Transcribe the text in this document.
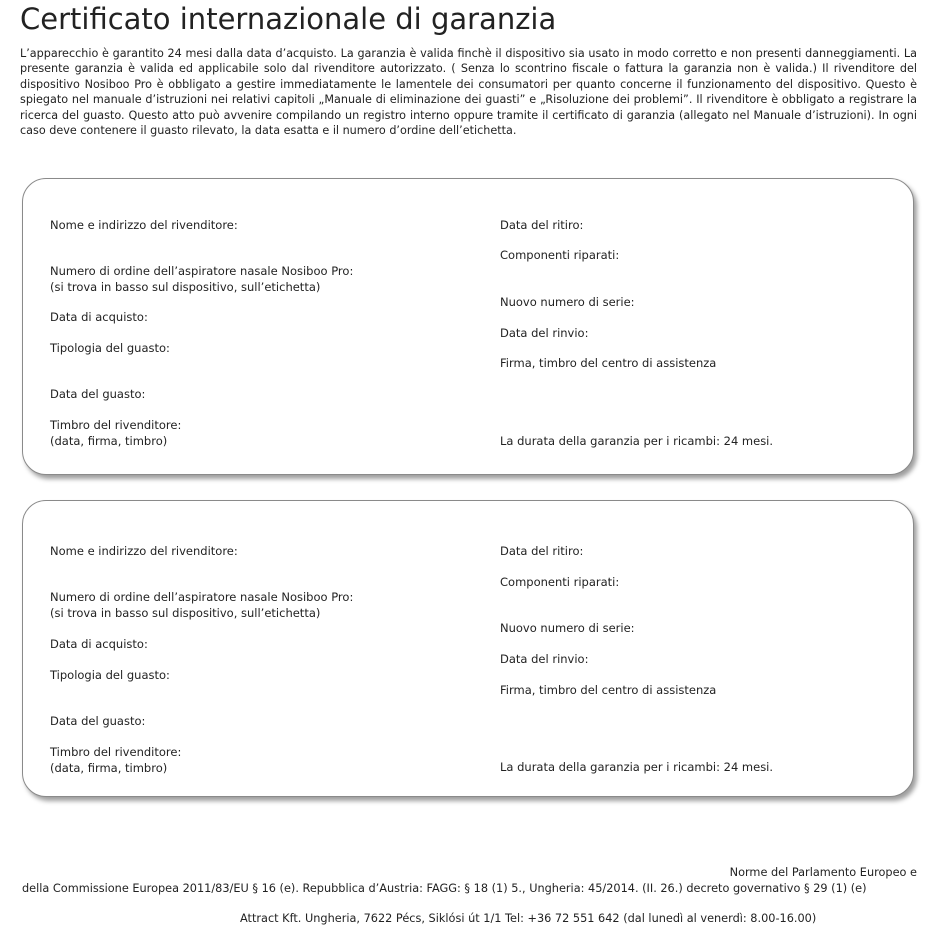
Certificato internazionale di garanzia

L’apparecchio è garantito 24 mesi dalla data d’acquisto. La garanzia è valida finchè il dispositivo sia usato in modo corretto e non presenti danneggiamenti. La presente garanzia è valida ed applicabile solo dal rivenditore autorizzato. ( Senza lo scontrino fiscale o fattura la garanzia non è valida.) Il rivenditore del dispositivo Nosiboo Pro è obbligato a gestire immediatamente le lamentele dei consumatori per quanto concerne il funzionamento del dispositivo. Questo è spiegato nel manuale d’istruzioni nei relativi capitoli „Manuale di eliminazione dei guasti” e „Risoluzione dei problemi”. Il rivenditore è obbligato a registrare la ricerca del guasto. Questo atto può avvenire compilando un registro interno oppure tramite il certificato di garanzia (allegato nel Manuale d’istruzioni). In ogni caso deve contenere il guasto rilevato, la data esatta e il numero d’ordine dell’etichetta.

Nome e indirizzo del rivenditore:

Numero di ordine dell’aspiratore nasale Nosiboo Pro:

(si trova in basso sul dispositivo, sull’etichetta)

Data di acquisto:

Tipologia del guasto:

Data del guasto:

Timbro del rivenditore:

(data, firma, timbro)

Data del ritiro:

Componenti riparati:

Nuovo numero di serie:

Data del rinvio:

Firma, timbro del centro di assistenza

La durata della garanzia per i ricambi: 24 mesi.

Nome e indirizzo del rivenditore:

Numero di ordine dell’aspiratore nasale Nosiboo Pro:

(si trova in basso sul dispositivo, sull’etichetta)

Data di acquisto:

Tipologia del guasto:

Data del guasto:

Timbro del rivenditore:

(data, firma, timbro)

Data del ritiro:

Componenti riparati:

Nuovo numero di serie:

Data del rinvio:

Firma, timbro del centro di assistenza

La durata della garanzia per i ricambi: 24 mesi.

Norme del Parlamento Europeo e

della Commissione Europea 2011/83/EU § 16 (e). Repubblica d’Austria: FAGG: § 18 (1) 5., Ungheria: 45/2014. (II. 26.) decreto governativo § 29 (1) (e)

Attract Kft. Ungheria, 7622 Pécs, Siklósi út 1/1 Tel: +36 72 551 642 (dal lunedì al venerdì: 8.00-16.00)
